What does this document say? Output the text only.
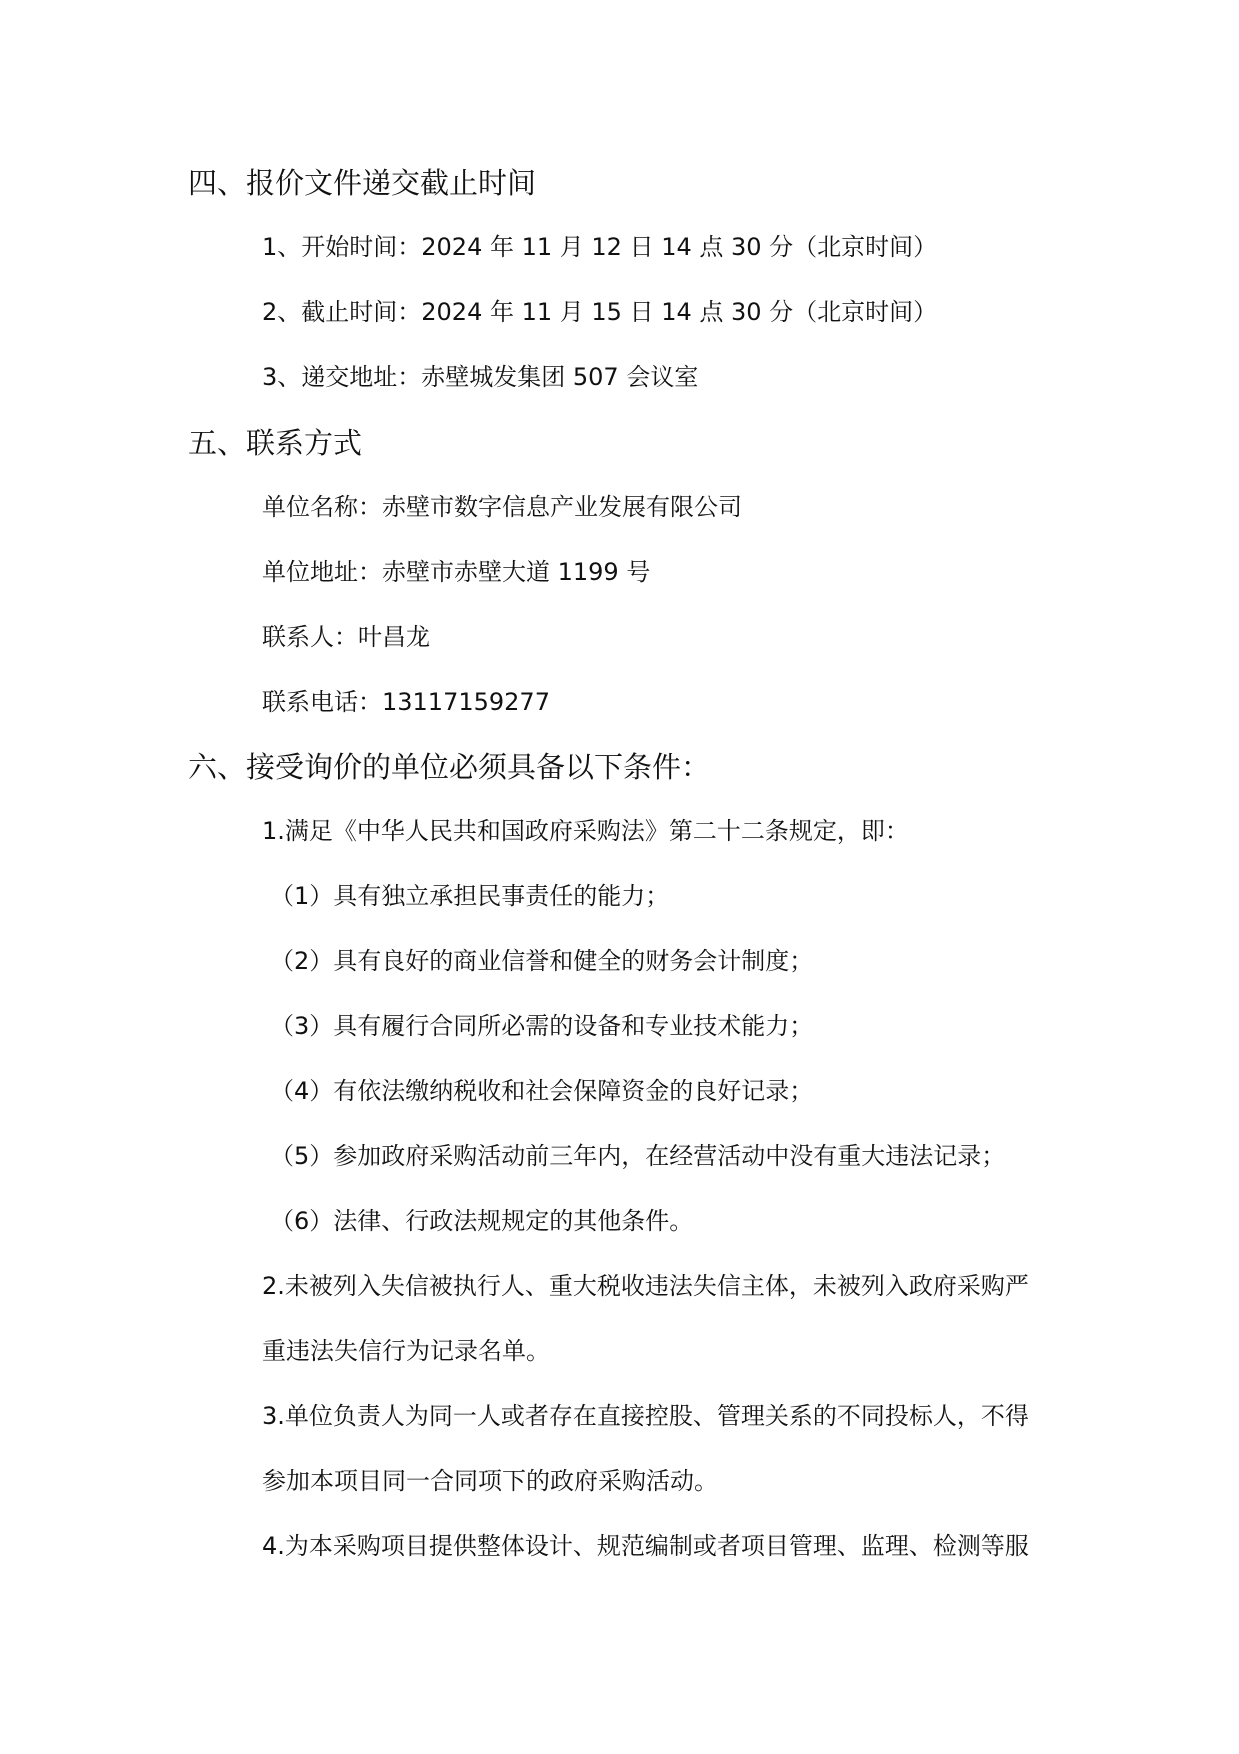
四、报价文件递交截止时间
1、开始时间：2024 年 11 月 12 日 14 点 30 分（北京时间）
2、截止时间：2024 年 11 月 15 日 14 点 30 分（北京时间）
3、递交地址：赤壁城发集团 507 会议室
五、联系方式
单位名称：赤壁市数字信息产业发展有限公司
单位地址：赤壁市赤壁大道 1199 号
联系人：叶昌龙
联系电话：13117159277
六、接受询价的单位必须具备以下条件：
1.满足《中华人民共和国政府采购法》第二十二条规定，即：
（1）具有独立承担民事责任的能力；
（2）具有良好的商业信誉和健全的财务会计制度；
（3）具有履行合同所必需的设备和专业技术能力；
（4）有依法缴纳税收和社会保障资金的良好记录；
（5）参加政府采购活动前三年内，在经营活动中没有重大违法记录；
（6）法律、行政法规规定的其他条件。
2.未被列入失信被执行人、重大税收违法失信主体，未被列入政府采购严
重违法失信行为记录名单。
3.单位负责人为同一人或者存在直接控股、管理关系的不同投标人，不得
参加本项目同一合同项下的政府采购活动。
4.为本采购项目提供整体设计、规范编制或者项目管理、监理、检测等服
